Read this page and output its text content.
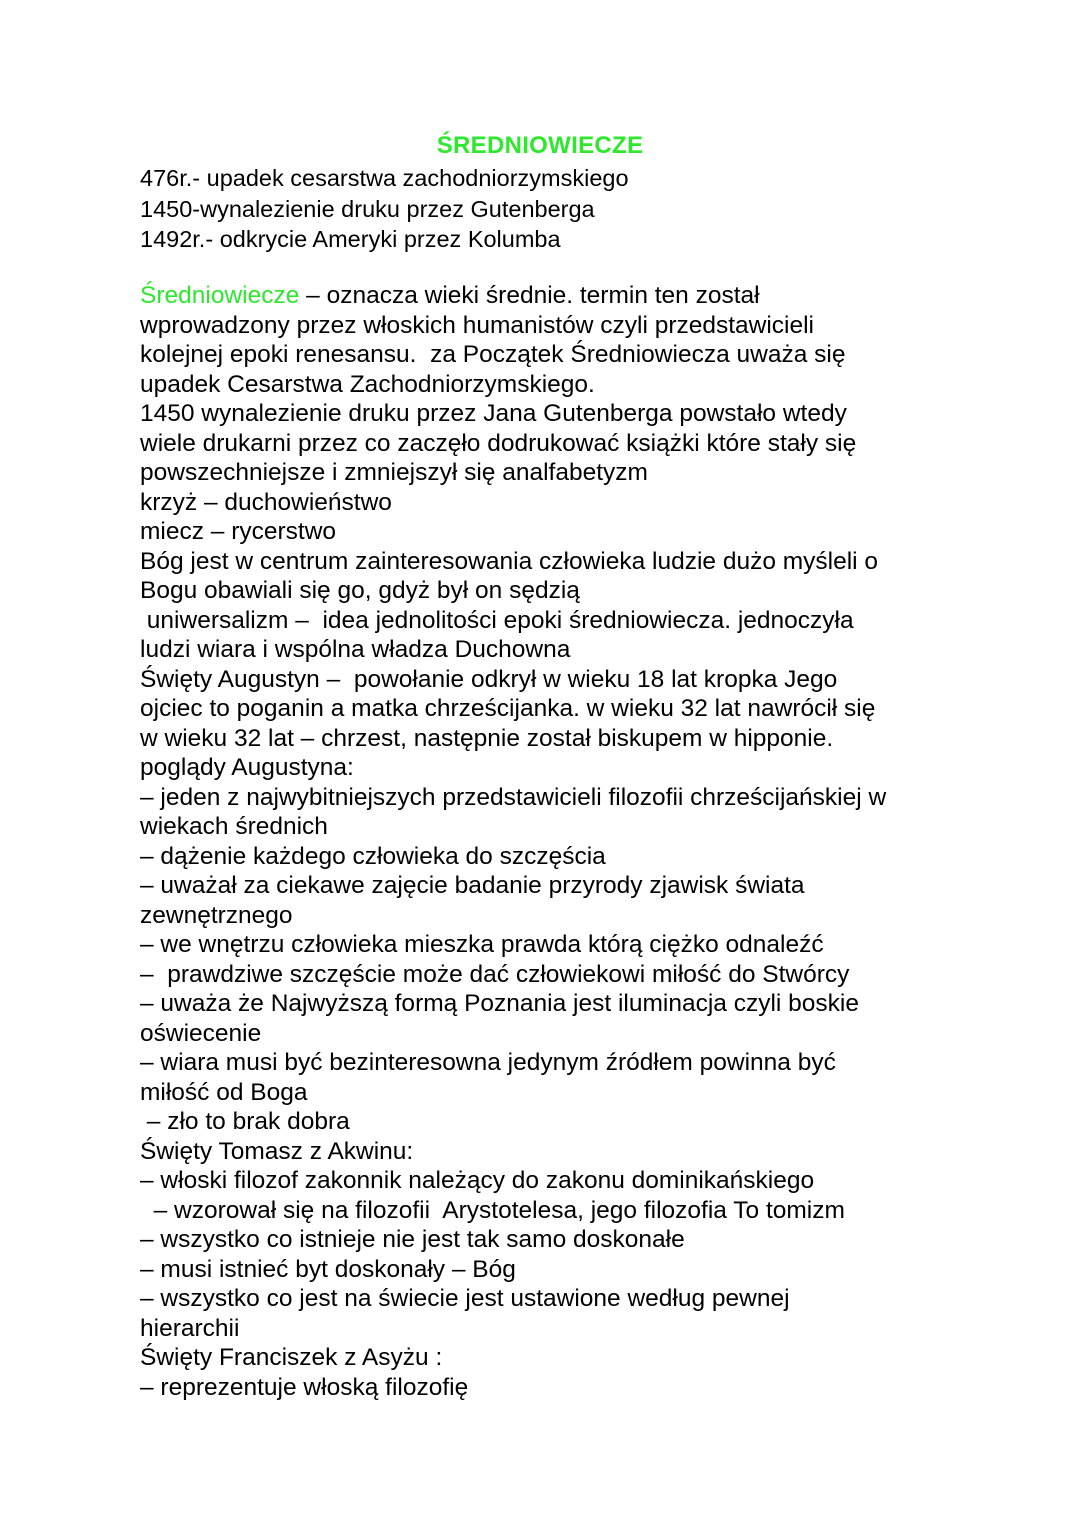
ŚREDNIOWIECZE
476r.- upadek cesarstwa zachodniorzymskiego
1450-wynalezienie druku przez Gutenberga
1492r.- odkrycie Ameryki przez Kolumba
Średniowiecze – oznacza wieki średnie. termin ten został
wprowadzony przez włoskich humanistów czyli przedstawicieli
kolejnej epoki renesansu.  za Początek Średniowiecza uważa się
upadek Cesarstwa Zachodniorzymskiego.
1450 wynalezienie druku przez Jana Gutenberga powstało wtedy
wiele drukarni przez co zaczęło dodrukować książki które stały się
powszechniejsze i zmniejszył się analfabetyzm
krzyż – duchowieństwo
miecz – rycerstwo
Bóg jest w centrum zainteresowania człowieka ludzie dużo myśleli o
Bogu obawiali się go, gdyż był on sędzią
uniwersalizm –  idea jednolitości epoki średniowiecza. jednoczyła
ludzi wiara i wspólna władza Duchowna
Święty Augustyn –  powołanie odkrył w wieku 18 lat kropka Jego
ojciec to poganin a matka chrześcijanka. w wieku 32 lat nawrócił się
w wieku 32 lat – chrzest, następnie został biskupem w hipponie.
poglądy Augustyna:
– jeden z najwybitniejszych przedstawicieli filozofii chrześcijańskiej w
wiekach średnich
– dążenie każdego człowieka do szczęścia
– uważał za ciekawe zajęcie badanie przyrody zjawisk świata
zewnętrznego
– we wnętrzu człowieka mieszka prawda którą ciężko odnaleźć
–  prawdziwe szczęście może dać człowiekowi miłość do Stwórcy
– uważa że Najwyższą formą Poznania jest iluminacja czyli boskie
oświecenie
– wiara musi być bezinteresowna jedynym źródłem powinna być
miłość od Boga
– zło to brak dobra
Święty Tomasz z Akwinu:
– włoski filozof zakonnik należący do zakonu dominikańskiego
– wzorował się na filozofii  Arystotelesa, jego filozofia To tomizm
– wszystko co istnieje nie jest tak samo doskonałe
– musi istnieć byt doskonały – Bóg
– wszystko co jest na świecie jest ustawione według pewnej
hierarchii
Święty Franciszek z Asyżu :
– reprezentuje włoską filozofię
